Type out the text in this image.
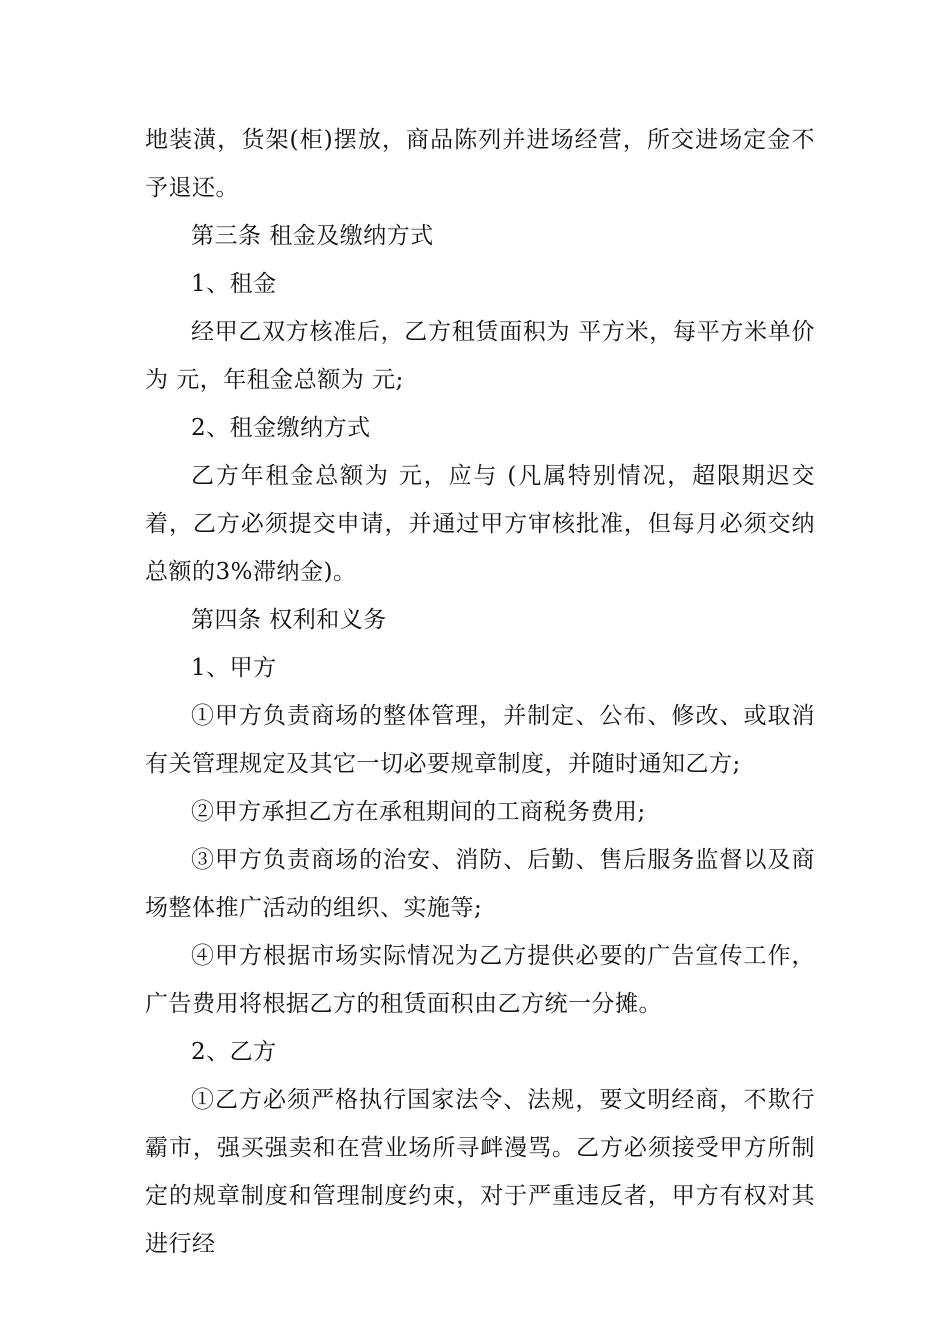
地装潢，货架(柜)摆放，商品陈列并进场经营，所交进场定金不予退还。

第三条 租金及缴纳方式

1、租金

经甲乙双方核准后，乙方租赁面积为 平方米，每平方米单价为 元，年租金总额为 元;

2、租金缴纳方式

乙方年租金总额为 元，应与 (凡属特别情况，超限期迟交着，乙方必须提交申请，并通过甲方审核批准，但每月必须交纳总额的3%滞纳金)。

第四条 权利和义务

1、甲方

①甲方负责商场的整体管理，并制定、公布、修改、或取消有关管理规定及其它一切必要规章制度，并随时通知乙方;

②甲方承担乙方在承租期间的工商税务费用;

③甲方负责商场的治安、消防、后勤、售后服务监督以及商场整体推广活动的组织、实施等;

④甲方根据市场实际情况为乙方提供必要的广告宣传工作，广告费用将根据乙方的租赁面积由乙方统一分摊。

2、乙方

①乙方必须严格执行国家法令、法规，要文明经商，不欺行霸市，强买强卖和在营业场所寻衅漫骂。乙方必须接受甲方所制定的规章制度和管理制度约束，对于严重违反者，甲方有权对其进行经
